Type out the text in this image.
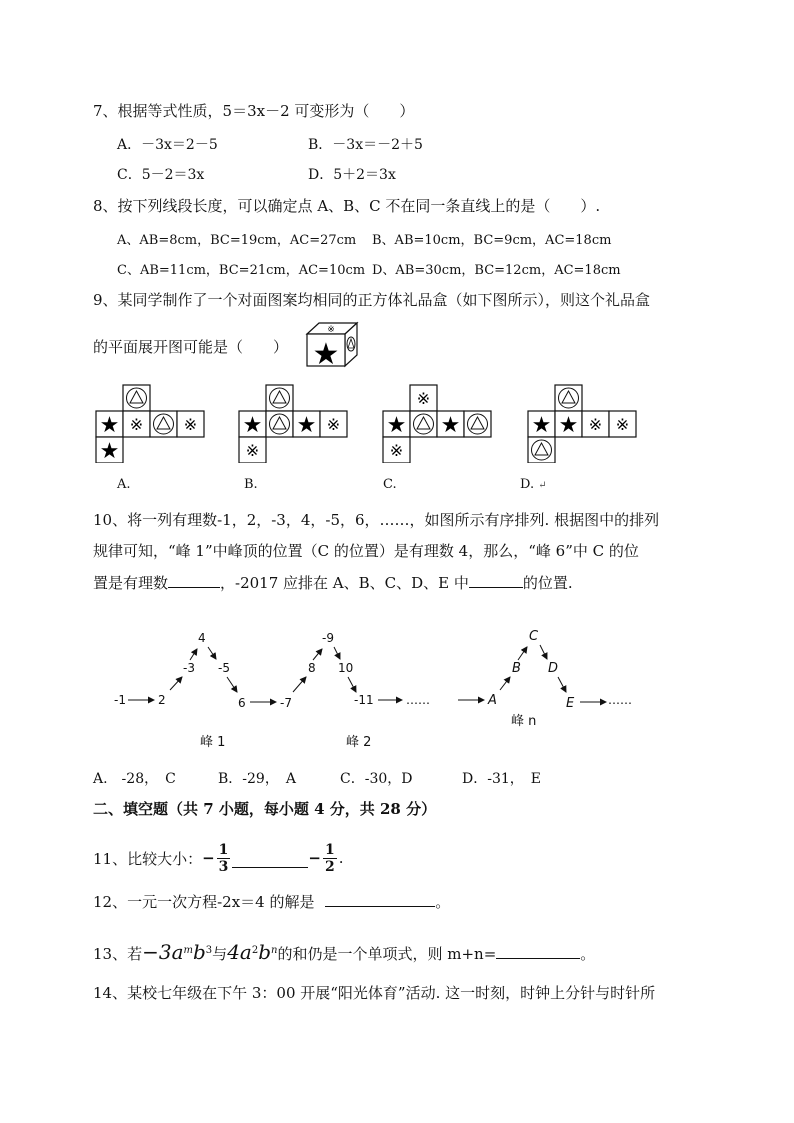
7、根据等式性质，5＝3x－2 可变形为（　　）
A．－3x＝2－5	B．－3x＝－2＋5
C．5－2＝3x	D．5＋2＝3x
8、按下列线段长度，可以确定点 A、B、C 不在同一条直线上的是（　　）.
A、AB=8cm，BC=19cm，AC=27cm B、AB=10cm，BC=9cm，AC=18cm
C、AB=11cm，BC=21cm，AC=10cm D、AB=30cm，BC=12cm，AC=18cm
9、某同学制作了一个对面图案均相同的正方体礼品盒（如下图所示），则这个礼品盒
的平面展开图可能是（　　）
※
★
★ ※	※
★
A.
★ ★ ※
※
B.
※
★ ★
※
C.
★ ★ ※ ※
D. ↵
10、将一列有理数-1，2，-3，4，-5，6，……，如图所示有序排列. 根据图中的排列
规律可知，“峰 1”中峰顶的位置（C 的位置）是有理数 4，那么，“峰 6”中 C 的位
置是有理数	，-2017 应排在 A、B、C、D、E 中	的位置.
-1	2
-3
4
-5
6	-7
8
-9
10
-11	……	……
A
B
C
D
E
峰 1	峰 2
峰 n
A.　-28，　C	B．-29，　A	C．-30，D	D．-31，　E
二、填空题（共 7 小题，每小题 4 分，共 28 分）
11、比较大小： − $\frac{1}{3}$	− $\frac{1}{2}$ .
12、一元一次方程-2x＝4 的解是	。
13、若$-3a^mb^3$与$4a^2b^n$的和仍是一个单项式，则 m+n=	。
14、某校七年级在下午 3：00 开展“阳光体育”活动. 这一时刻，时钟上分针与时针所
